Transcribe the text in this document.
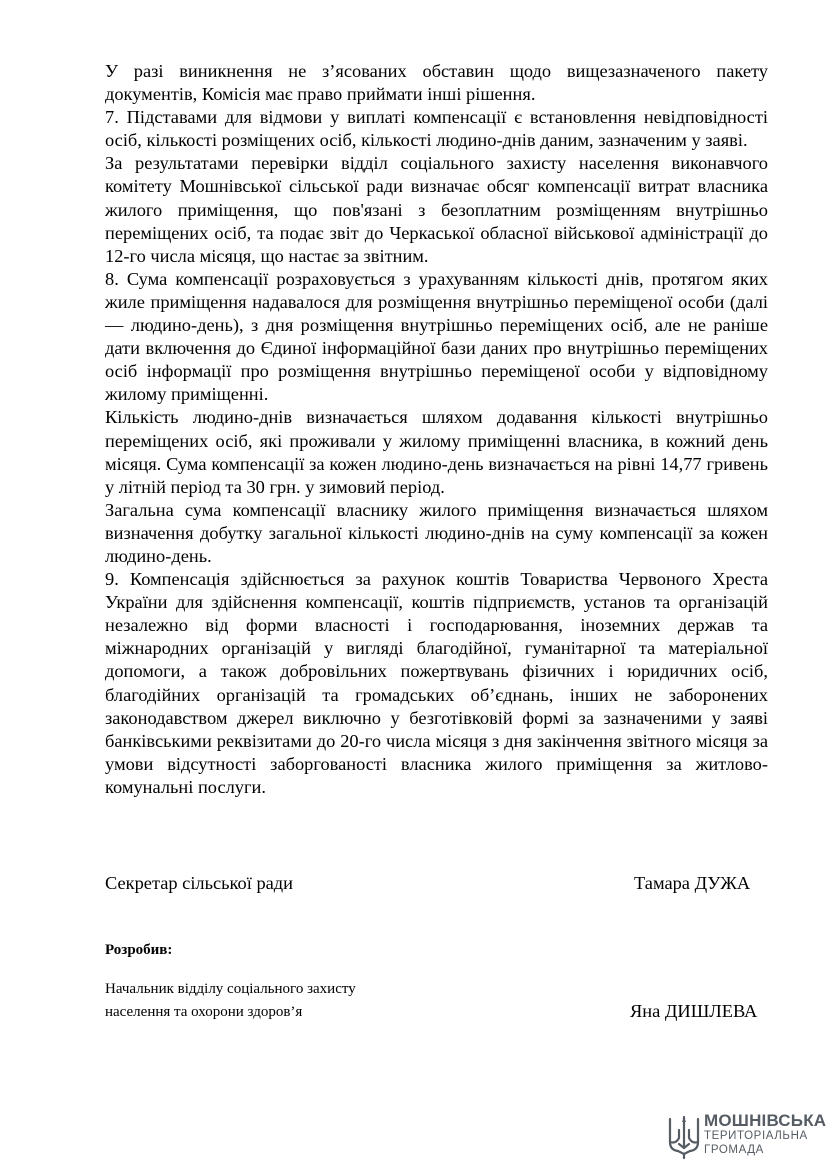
У разі виникнення не з’ясованих обставин щодо вищезазначеного пакету документів, Комісія має право приймати інші рішення.

7. Підставами для відмови у виплаті компенсації є встановлення невідповідності осіб, кількості розміщених осіб, кількості людино-днів даним, зазначеним у заяві.

За результатами перевірки відділ соціального захисту населення виконавчого комітету Мошнівської сільської ради визначає обсяг компенсації витрат власника жилого приміщення, що пов'язані з безоплатним розміщенням внутрішньо переміщених осіб, та подає звіт до Черкаської обласної військової адміністрації до 12-го числа місяця, що настає за звітним.

8. Сума компенсації розраховується з урахуванням кількості днів, протягом яких жиле приміщення надавалося для розміщення внутрішньо переміщеної особи (далі — людино-день), з дня розміщення внутрішньо переміщених осіб, але не раніше дати включення до Єдиної інформаційної бази даних про внутрішньо переміщених осіб інформації про розміщення внутрішньо переміщеної особи у відповідному жилому приміщенні.

Кількість людино-днів визначається шляхом додавання кількості внутрішньо переміщених осіб, які проживали у жилому приміщенні власника, в кожний день місяця. Сума компенсації за кожен людино-день визначається на рівні 14,77 гривень у літній період та 30 грн. у зимовий період.

Загальна сума компенсації власнику жилого приміщення визначається шляхом визначення добутку загальної кількості людино-днів на суму компенсації за кожен людино-день.

9. Компенсація здійснюється за рахунок коштів Товариства Червоного Хреста України для здійснення компенсації, коштів підприємств, установ та організацій незалежно від форми власності і господарювання, іноземних держав та міжнародних організацій у вигляді благодійної, гуманітарної та матеріальної допомоги, а також добровільних пожертвувань фізичних і юридичних осіб, благодійних організацій та громадських об’єднань, інших не заборонених законодавством джерел виключно у безготівковій формі за зазначеними у заяві банківськими реквізитами до 20-го числа місяця з дня закінчення звітного місяця за умови відсутності заборгованості власника жилого приміщення за житлово-комунальні послуги.

Секретар сільської ради	Тамара ДУЖА
Розробив:
Начальник відділу соціального захисту
населення та охорони здоров’я	Яна ДИШЛЕВА
МОШНІВСЬКА
ТЕРИТОРІАЛЬНА
ГРОМАДА
